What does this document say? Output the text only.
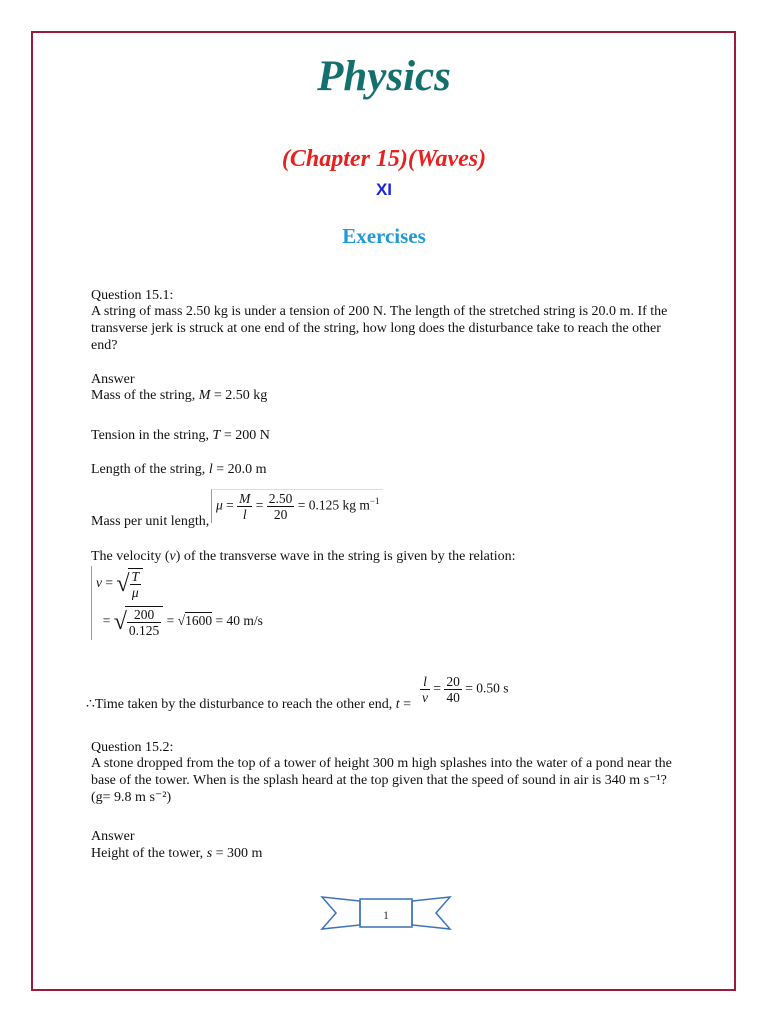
Physics
(Chapter 15)(Waves)
XI
Exercises
Question 15.1:
A string of mass 2.50 kg is under a tension of 200 N. The length of the stretched string is 20.0 m. If the transverse jerk is struck at one end of the string, how long does the disturbance take to reach the other end?
Answer
Mass of the string, M = 2.50 kg
Tension in the string, T = 200 N
Length of the string, l = 20.0 m
Mass per unit length,
$\mu = \frac{M}{l} = \frac{2.50}{20} = 0.125$ kg $m^{-1}$
The velocity (v) of the transverse wave in the string is given by the relation:
v = √ $\frac{T}{\mu}$
= √ $\frac{200}{0.125} = √1600 = 40$ m/s
∴Time taken by the disturbance to reach the other end, $t = \frac{l}{v} = \frac{20}{40} = 0.50$ s
Question 15.2:
A stone dropped from the top of a tower of height 300 m high splashes into the water of a pond near the base of the tower. When is the splash heard at the top given that the speed of sound in air is 340 m s⁻¹? (g= 9.8 m s⁻²)
Answer
Height of the tower, s = 300 m
1
